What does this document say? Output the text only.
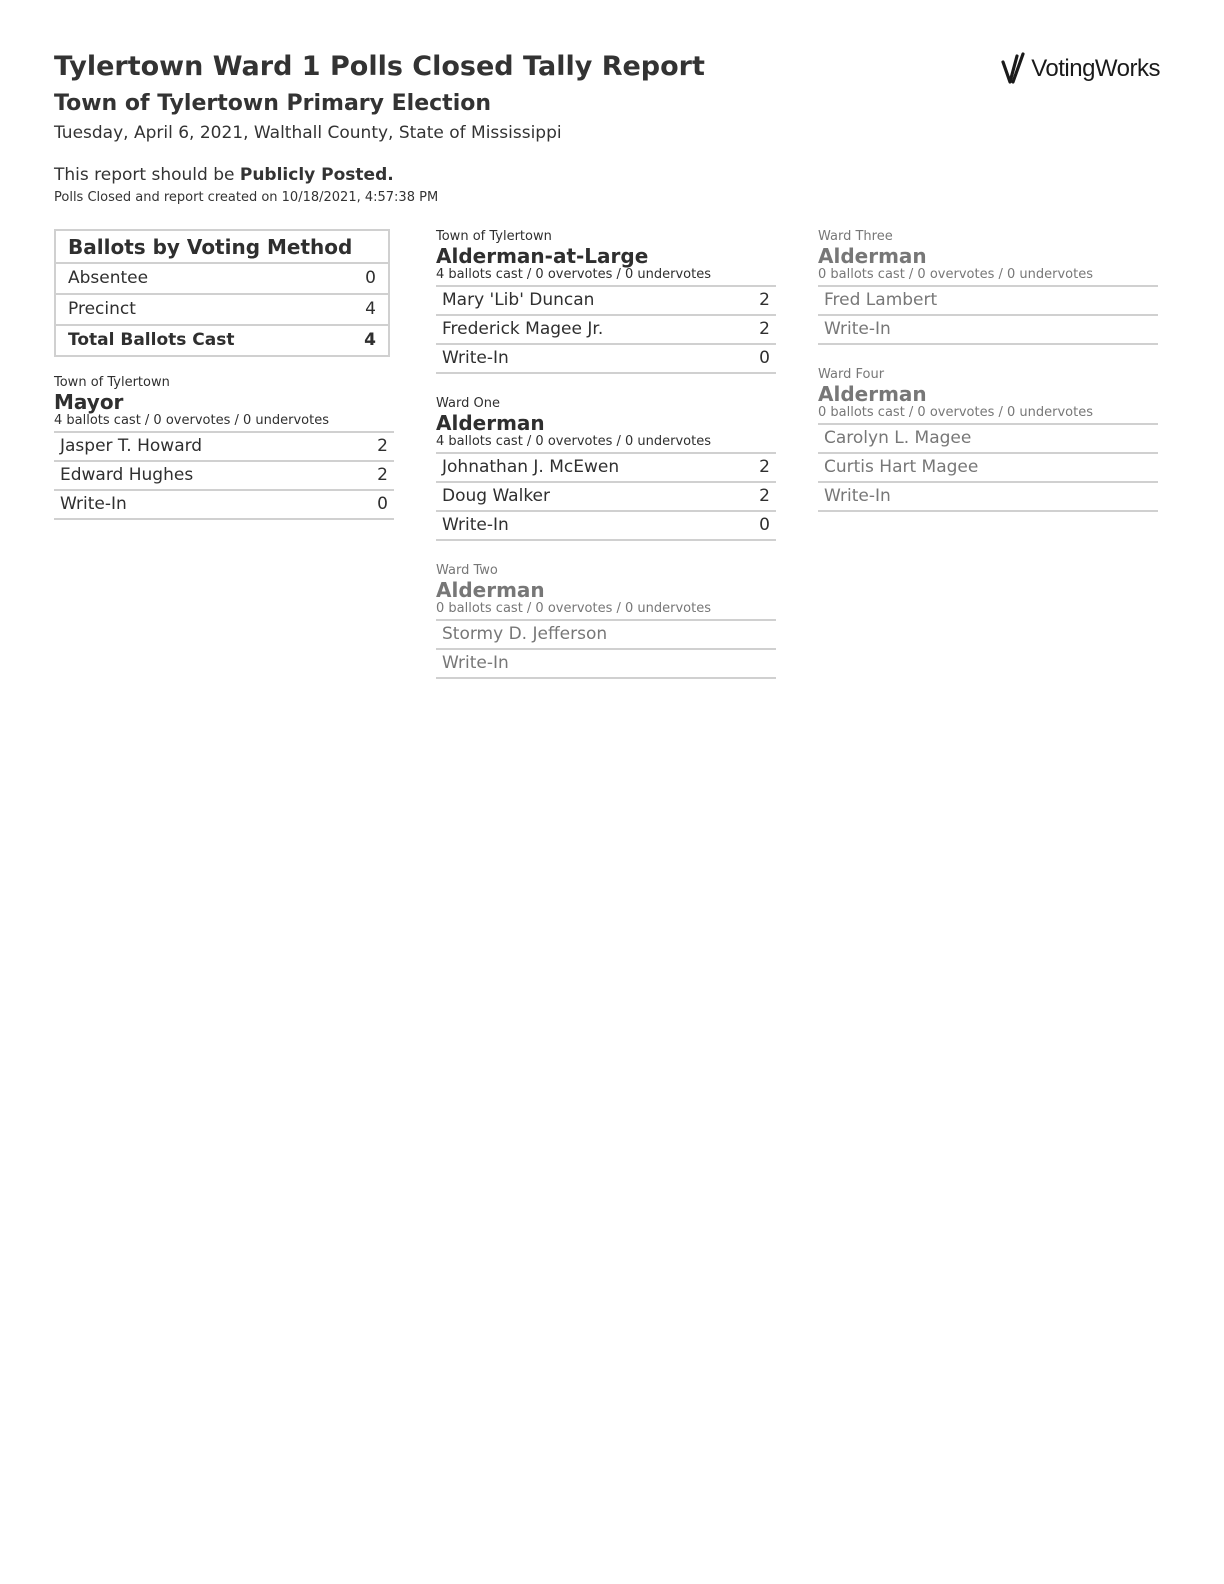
Tylertown Ward 1 Polls Closed Tally Report
Town of Tylertown Primary Election

Tuesday, April 6, 2021, Walthall County, State of Mississippi

This report should be Publicly Posted.

Polls Closed and report created on 10/18/2021, 4:57:38 PM

VotingWorks
Ballots by Voting Method
Absentee	0
Precinct	4
Total Ballots Cast	4
Town of Tylertown
Mayor
4 ballots cast / 0 overvotes / 0 undervotes
Jasper T. Howard	2
Edward Hughes	2
Write-In	0
Town of Tylertown
Alderman-at-Large
4 ballots cast / 0 overvotes / 0 undervotes
Mary 'Lib' Duncan	2
Frederick Magee Jr.	2
Write-In	0
Ward One
Alderman
4 ballots cast / 0 overvotes / 0 undervotes
Johnathan J. McEwen	2
Doug Walker	2
Write-In	0
Ward Two
Alderman
0 ballots cast / 0 overvotes / 0 undervotes
Stormy D. Jefferson
Write-In
Ward Three
Alderman
0 ballots cast / 0 overvotes / 0 undervotes
Fred Lambert
Write-In
Ward Four
Alderman
0 ballots cast / 0 overvotes / 0 undervotes
Carolyn L. Magee
Curtis Hart Magee
Write-In
